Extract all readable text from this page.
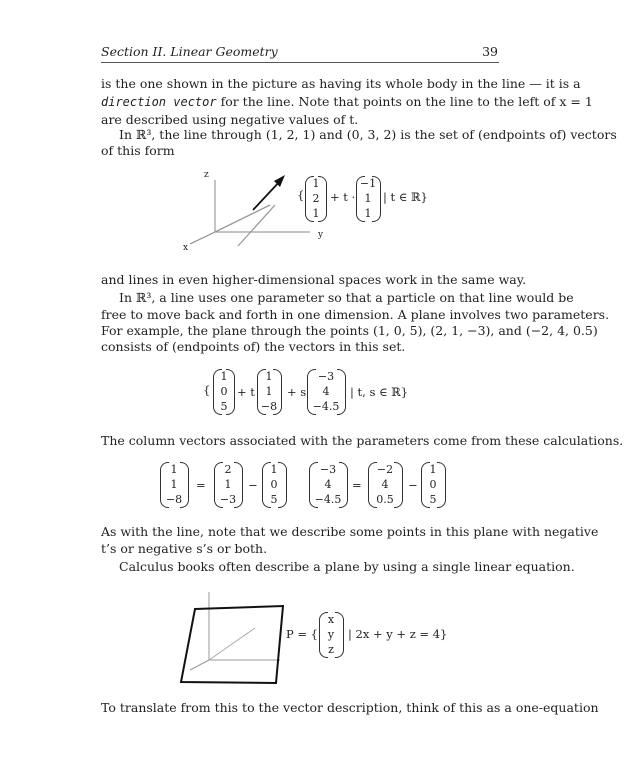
Section II. Linear Geometry	39
is the one shown in the picture as having its whole body in the line — it is a
direction vector for the line. Note that points on the line to the left of x = 1
are described using negative values of t.
In ℝ³, the line through (1, 2, 1) and (0, 3, 2) is the set of (endpoints of) vectors
of this form
z
y
x
{
1
2
1
+ t ·
−1
1
1
| t ∈ ℝ}
and lines in even higher-dimensional spaces work in the same way.
In ℝ³, a line uses one parameter so that a particle on that line would be
free to move back and forth in one dimension. A plane involves two parameters.
For example, the plane through the points (1, 0, 5), (2, 1, −3), and (−2, 4, 0.5)
consists of (endpoints of) the vectors in this set.
{
1
0
5
+ t
1
1
−8
+ s
−3
4
−4.5
| t, s ∈ ℝ}
The column vectors associated with the parameters come from these calculations.
1
1
−8
=
2
1
−3
−
1
0
5
−3
4
−4.5
=
−2
4
0.5
−
1
0
5
As with the line, note that we describe some points in this plane with negative
t’s or negative s’s or both.
Calculus books often describe a plane by using a single linear equation.
P = {
x
y
z
| 2x + y + z = 4}
To translate from this to the vector description, think of this as a one-equation
